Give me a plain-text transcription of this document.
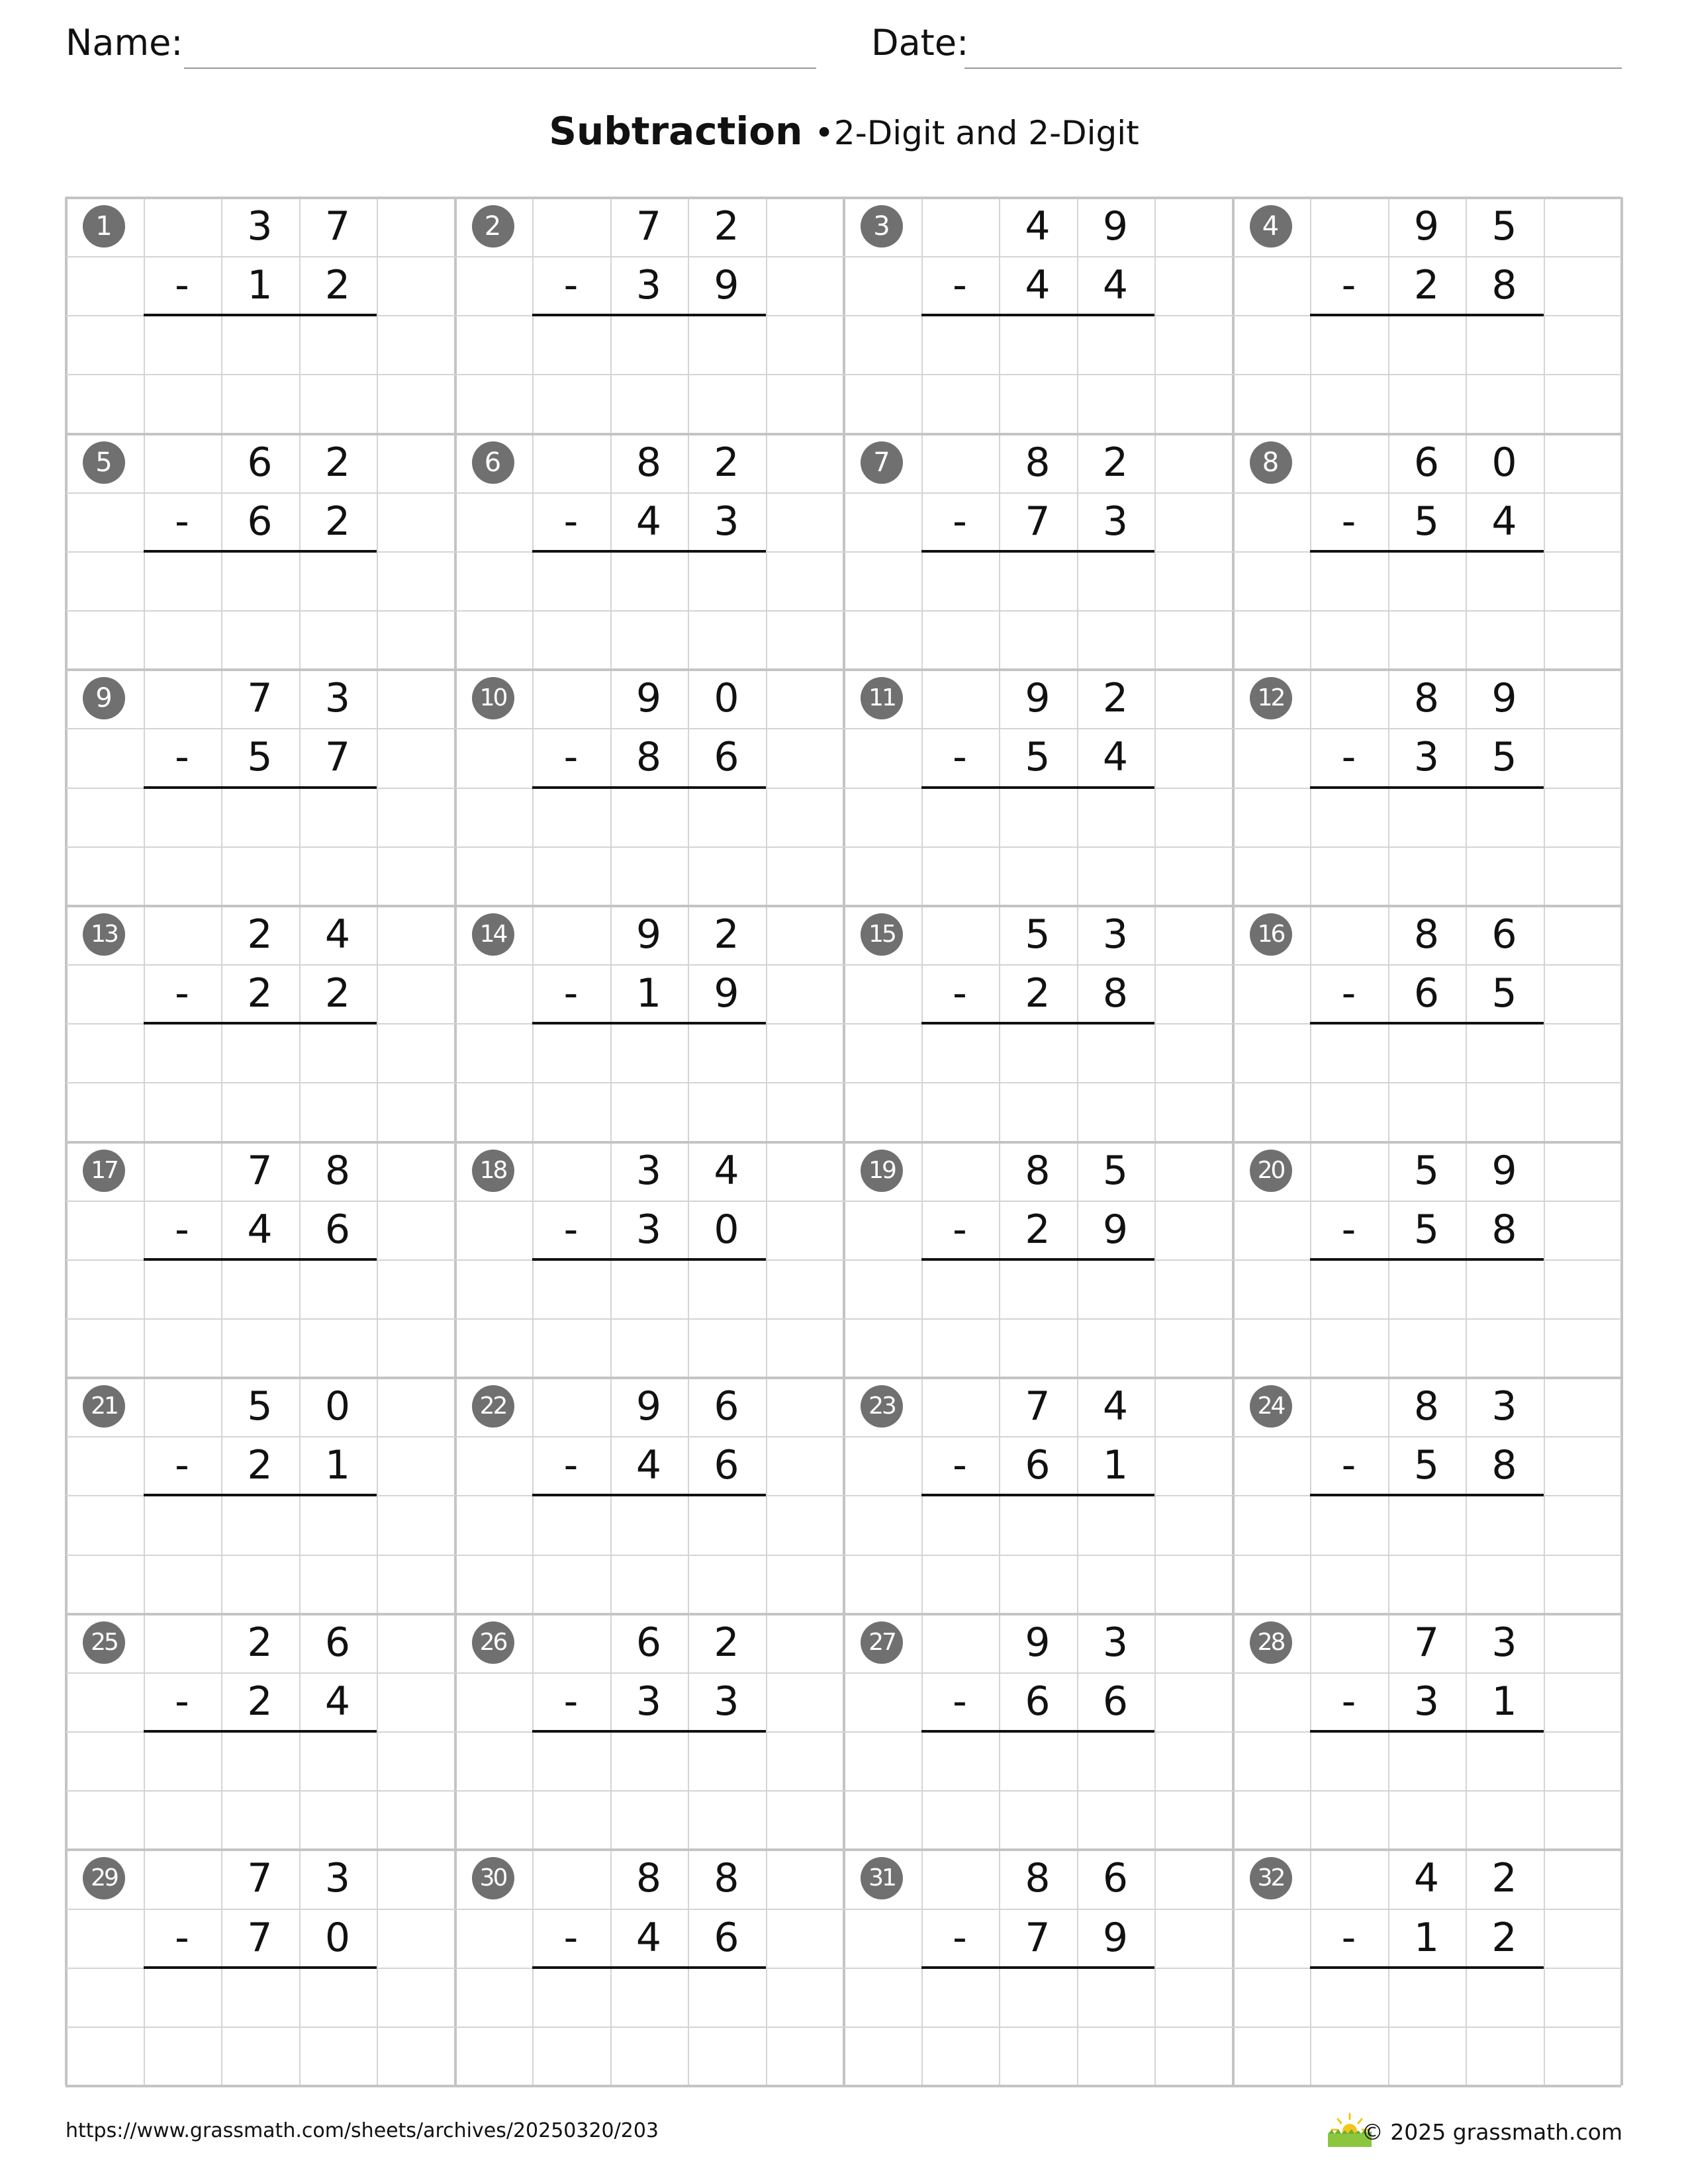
Name:	Date:
Subtraction •2-Digit and 2-Digit
1	3	7
-	1	2
2	7	2
-	3	9
3	4	9
-	4	4
4	9	5
-	2	8
5	6	2
-	6	2
6	8	2
-	4	3
7	8	2
-	7	3
8	6	0
-	5	4
9	7	3
-	5	7
10	9	0
-	8	6
11	9	2
-	5	4
12	8	9
-	3	5
13	2	4
-	2	2
14	9	2
-	1	9
15	5	3
-	2	8
16	8	6
-	6	5
17	7	8
-	4	6
18	3	4
-	3	0
19	8	5
-	2	9
20	5	9
-	5	8
21	5	0
-	2	1
22	9	6
-	4	6
23	7	4
-	6	1
24	8	3
-	5	8
25	2	6
-	2	4
26	6	2
-	3	3
27	9	3
-	6	6
28	7	3
-	3	1
29	7	3
-	7	0
30	8	8
-	4	6
31	8	6
-	7	9
32	4	2
-	1	2
https://www.grassmath.com/sheets/archives/20250320/203	© 2025 grassmath.com
